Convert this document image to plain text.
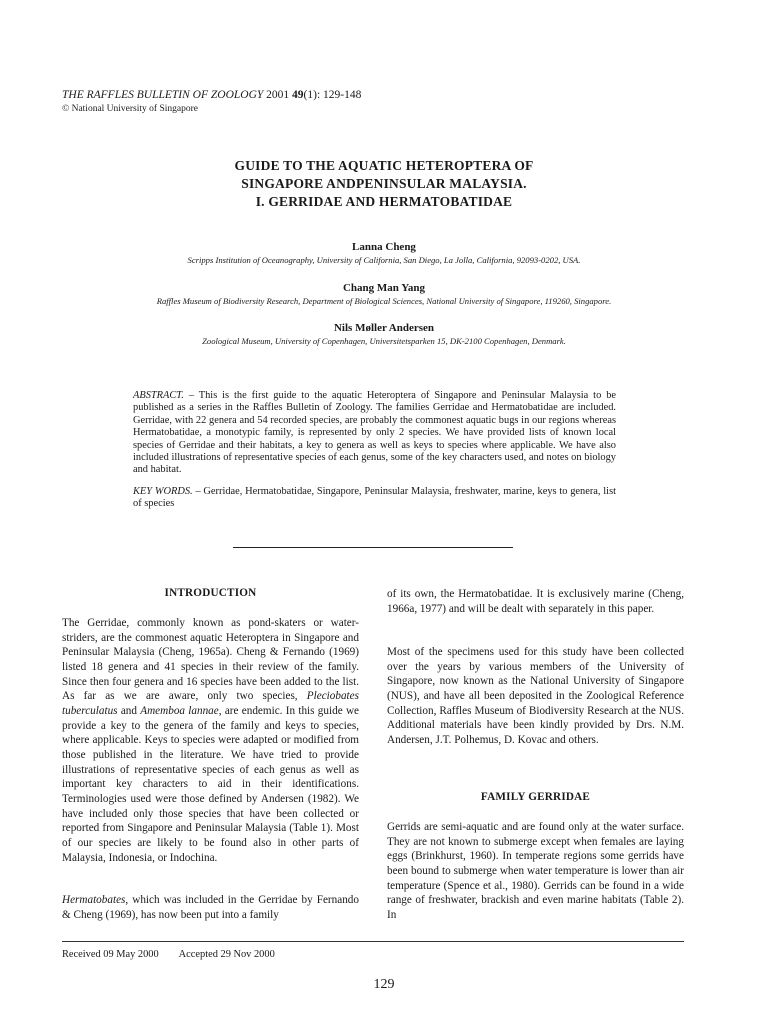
THE RAFFLES BULLETIN OF ZOOLOGY 2001 49(1): 129-148
© National University of Singapore
GUIDE TO THE AQUATIC HETEROPTERA OF
SINGAPORE ANDPENINSULAR MALAYSIA.
I. GERRIDAE AND HERMATOBATIDAE
Lanna Cheng
Scripps Institution of Oceanography, University of California, San Diego, La Jolla, California, 92093-0202, USA.
Chang Man Yang
Raffles Museum of Biodiversity Research, Department of Biological Sciences, National University of Singapore, 119260, Singapore.
Nils Møller Andersen
Zoological Museum, University of Copenhagen, Universitetsparken 15, DK-2100 Copenhagen, Denmark.
ABSTRACT. – This is the first guide to the aquatic Heteroptera of Singapore and Peninsular Malaysia to be published as a series in the Raffles Bulletin of Zoology. The families Gerridae and Hermatobatidae are included. Gerridae, with 22 genera and 54 recorded species, are probably the commonest aquatic bugs in our regions whereas Hermatobatidae, a monotypic family, is represented by only 2 species. We have provided lists of known local species of Gerridae and their habitats, a key to genera as well as keys to species where applicable. We have also included illustrations of representative species of each genus, some of the key characters used, and notes on biology and habitat.
KEY WORDS. – Gerridae, Hermatobatidae, Singapore, Peninsular Malaysia, freshwater, marine, keys to genera, list of species
INTRODUCTION

The Gerridae, commonly known as pond-skaters or water-striders, are the commonest aquatic Heteroptera in Singapore and Peninsular Malaysia (Cheng, 1965a). Cheng & Fernando (1969) listed 18 genera and 41 species in their review of the family. Since then four genera and 16 species have been added to the list. As far as we are aware, only two species, Pleciobates tuberculatus and Amemboa lannae, are endemic. In this guide we provide a key to the genera of the family and keys to species, where applicable. Keys to species were adapted or modified from those published in the literature. We have tried to provide illustrations of representative species of each genus as well as important key characters to aid in their identifications. Terminologies used were those defined by Andersen (1982). We have included only those species that have been collected or reported from Singapore and Peninsular Malaysia (Table 1). Most of our species are likely to be found also in other parts of Malaysia, Indonesia, or Indochina.

Hermatobates, which was included in the Gerridae by Fernando & Cheng (1969), has now been put into a family

of its own, the Hermatobatidae. It is exclusively marine (Cheng, 1966a, 1977) and will be dealt with separately in this paper.

Most of the specimens used for this study have been collected over the years by various members of the University of Singapore, now known as the National University of Singapore (NUS), and have all been deposited in the Zoological Reference Collection, Raffles Museum of Biodiversity Research at the NUS. Additional materials have been kindly provided by Drs. N.M. Andersen, J.T. Polhemus, D. Kovac and others.

FAMILY GERRIDAE

Gerrids are semi-aquatic and are found only at the water surface. They are not known to submerge except when females are laying eggs (Brinkhurst, 1960). In temperate regions some gerrids have been bound to submerge when water temperature is lower than air temperature (Spence et al., 1980). Gerrids can be found in a wide range of freshwater, brackish and even marine habitats (Table 2). In

Received 09 May 2000 Accepted 29 Nov 2000
129
